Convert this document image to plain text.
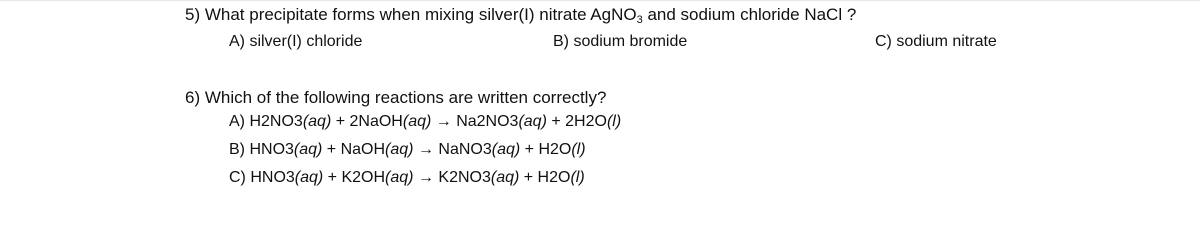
5) What precipitate forms when mixing silver(I) nitrate AgNO$_3$ and sodium chloride NaCl ?
A) silver(I) chloride	B) sodium bromide	C) sodium nitrate
6) Which of the following reactions are written correctly?
A) H2NO3(aq) + 2NaOH(aq) → Na2NO3(aq) + 2H2O(l)
B) HNO3(aq) + NaOH(aq) → NaNO3(aq) + H2O(l)
C) HNO3(aq) + K2OH(aq) → K2NO3(aq) + H2O(l)
